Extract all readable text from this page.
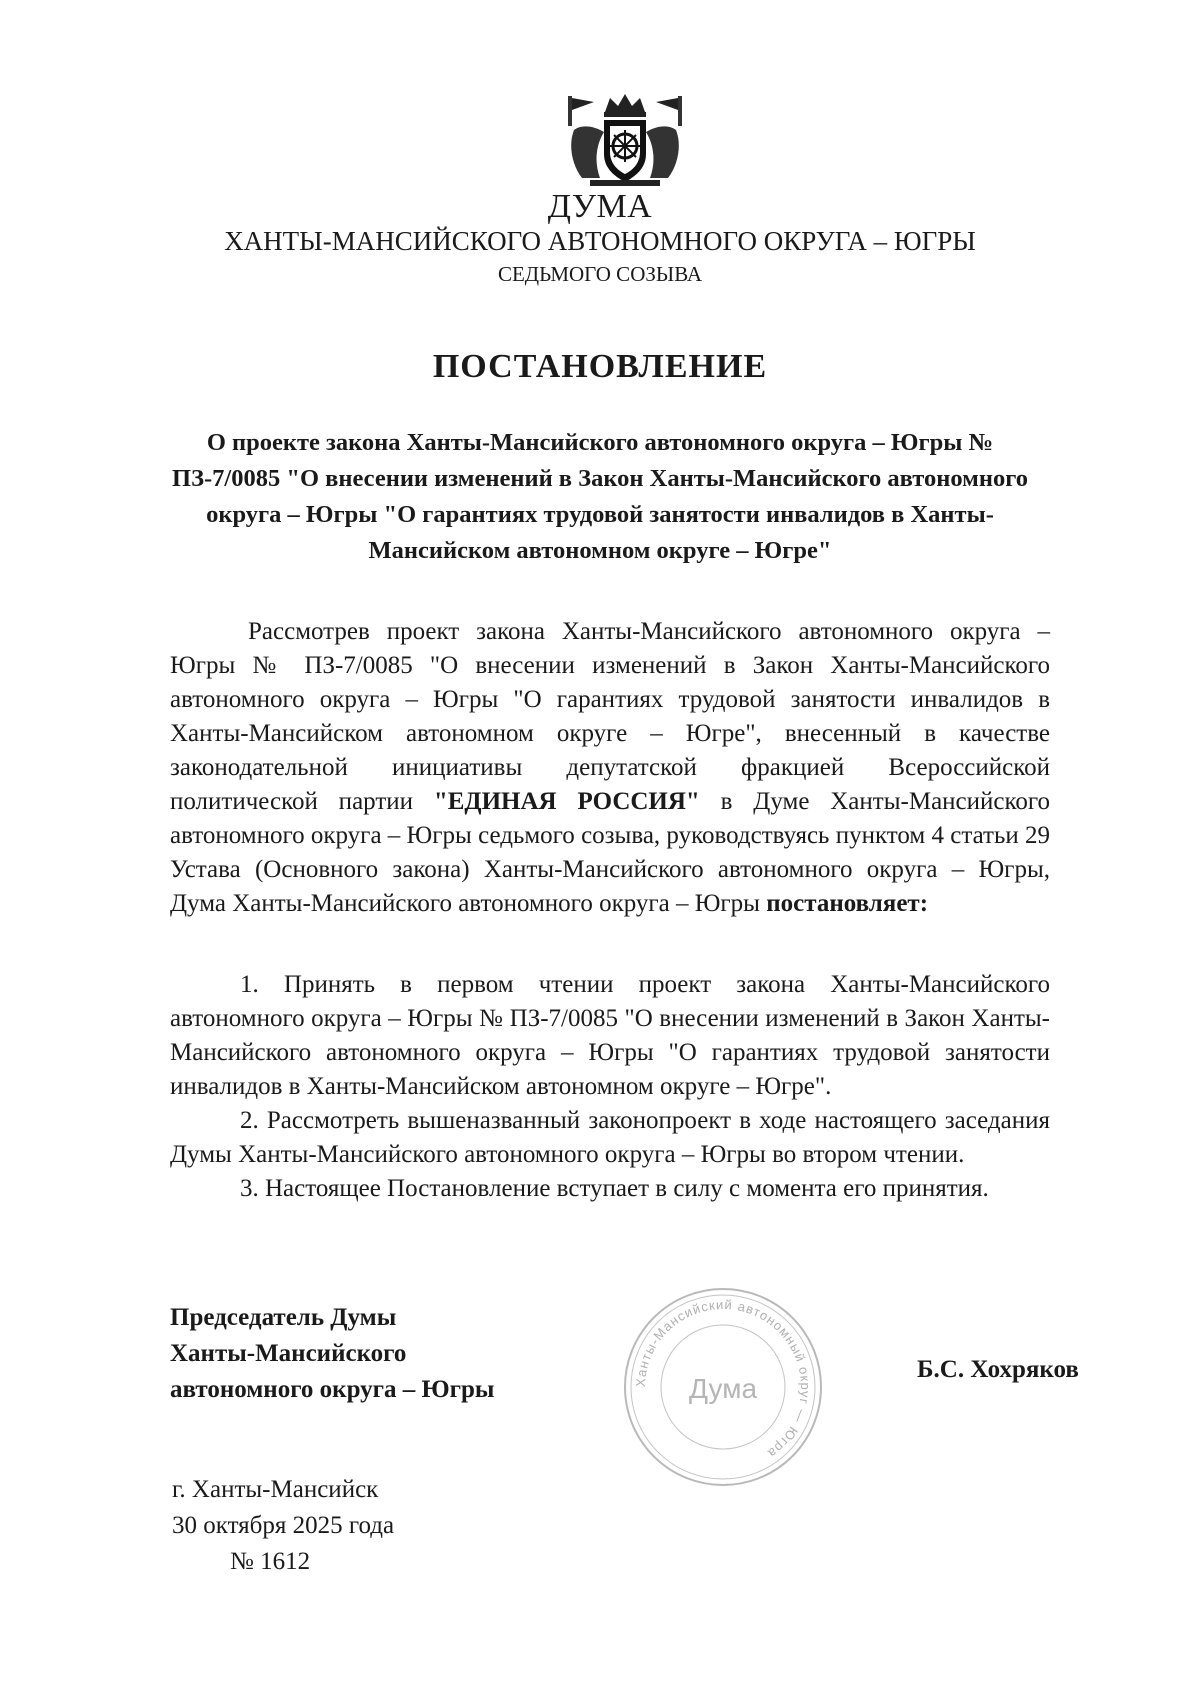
ДУМА
ХАНТЫ-МАНСИЙСКОГО АВТОНОМНОГО ОКРУГА – ЮГРЫ
СЕДЬМОГО СОЗЫВА
ПОСТАНОВЛЕНИЕ
О проекте закона Ханты-Мансийского автономного округа – Югры № ПЗ-7/0085 "О внесении изменений в Закон Ханты-Мансийского автономного округа – Югры "О гарантиях трудовой занятости инвалидов в Ханты-Мансийском автономном округе – Югре"
Рассмотрев проект закона Ханты-Мансийского автономного округа – Югры № ПЗ-7/0085 "О внесении изменений в Закон Ханты-Мансийского автономного округа – Югры "О гарантиях трудовой занятости инвалидов в Ханты-Мансийском автономном округе – Югре", внесенный в качестве законодательной инициативы депутатской фракцией Всероссийской политической партии "ЕДИНАЯ РОССИЯ" в Думе Ханты-Мансийского автономного округа – Югры седьмого созыва, руководствуясь пунктом 4 статьи 29 Устава (Основного закона) Ханты-Мансийского автономного округа – Югры, Дума Ханты-Мансийского автономного округа – Югры постановляет:

1. Принять в первом чтении проект закона Ханты-Мансийского автономного округа – Югры № ПЗ-7/0085 "О внесении изменений в Закон Ханты-Мансийского автономного округа – Югры "О гарантиях трудовой занятости инвалидов в Ханты-Мансийском автономном округе – Югре".

2. Рассмотреть вышеназванный законопроект в ходе настоящего заседания Думы Ханты-Мансийского автономного округа – Югры во втором чтении.

3. Настоящее Постановление вступает в силу с момента его принятия.

Председатель Думы
Ханты-Мансийского
автономного округа – Югры	Ханты-Мансийский автономный округ — Югра
Дума
Б.С. Хохряков
г. Ханты-Мансийск
30 октября 2025 года
№ 1612
